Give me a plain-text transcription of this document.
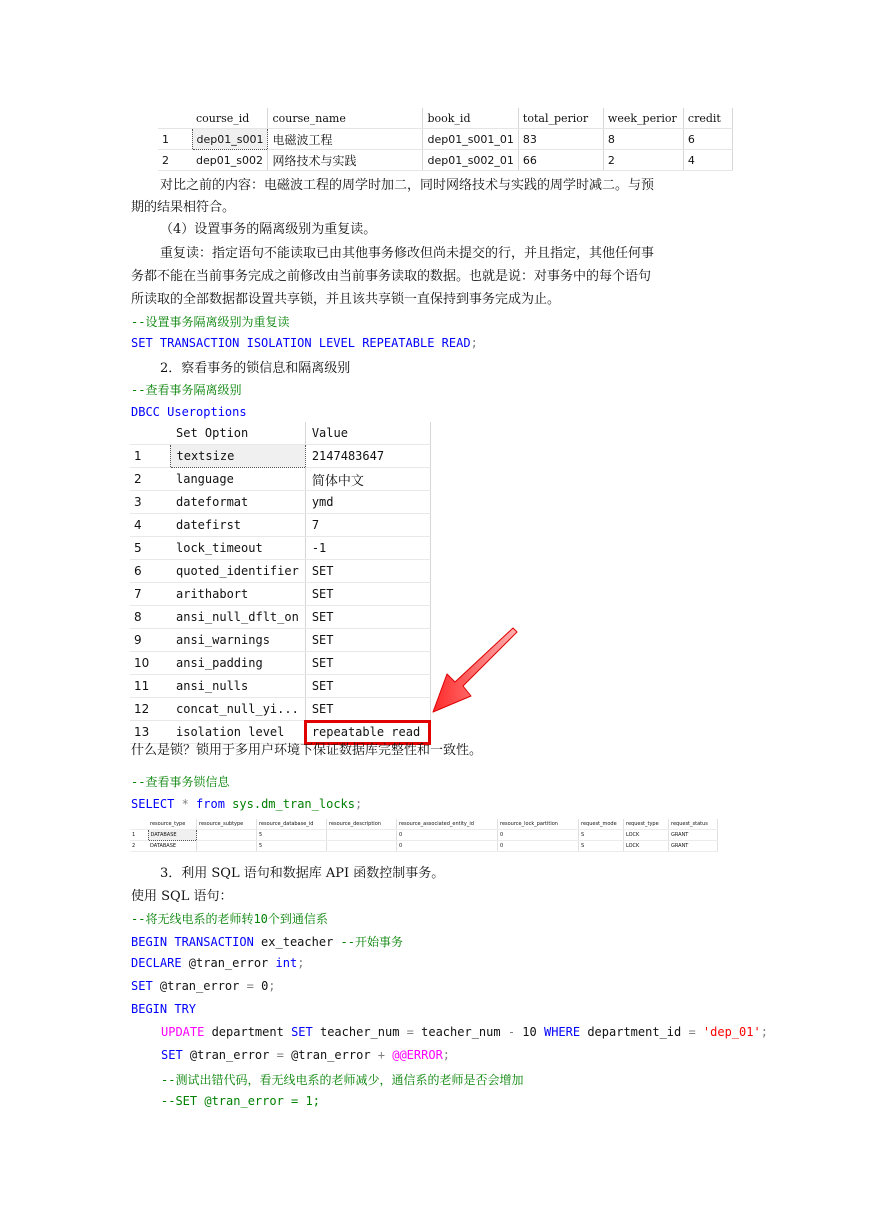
	course_id	course_name	book_id	total_perior	week_perior	credit
1	dep01_s001	电磁波工程	dep01_s001_01	83	8	6
2	dep01_s002	网络技术与实践	dep01_s002_01	66	2	4
对比之前的内容：电磁波工程的周学时加二，同时网络技术与实践的周学时减二。与预
期的结果相符合。
（4）设置事务的隔离级别为重复读。
重复读：指定语句不能读取已由其他事务修改但尚未提交的行，并且指定，其他任何事
务都不能在当前事务完成之前修改由当前事务读取的数据。也就是说：对事务中的每个语句
所读取的全部数据都设置共享锁，并且该共享锁一直保持到事务完成为止。
--设置事务隔离级别为重复读
SET TRANSACTION ISOLATION LEVEL REPEATABLE READ;
2．察看事务的锁信息和隔离级别
--查看事务隔离级别
DBCC Useroptions
	Set Option	Value
1	textsize	2147483647
2	language	简体中文
3	dateformat	ymd
4	datefirst	7
5	lock_timeout	-1
6	quoted_identifier	SET
7	arithabort	SET
8	ansi_null_dflt_on	SET
9	ansi_warnings	SET
10	ansi_padding	SET
11	ansi_nulls	SET
12	concat_null_yi...	SET
13	isolation level	repeatable read
什么是锁？锁用于多用户环境下保证数据库完整性和一致性。
--查看事务锁信息
SELECT * from sys.dm_tran_locks;
	resource_type	resource_subtype	resource_database_id	resource_description	resource_associated_entity_id	resource_lock_partition	request_mode	request_type	request_status
1	DATABASE		5		0	0	S	LOCK	GRANT
2	DATABASE		5		0	0	S	LOCK	GRANT
3．利用 SQL 语句和数据库 API 函数控制事务。
使用 SQL 语句：
--将无线电系的老师转10个到通信系
BEGIN TRANSACTION ex_teacher --开始事务
DECLARE @tran_error int;
SET @tran_error = 0;
BEGIN TRY
UPDATE department SET teacher_num = teacher_num - 10 WHERE department_id = 'dep_01';
SET @tran_error = @tran_error + @@ERROR;
--测试出错代码，看无线电系的老师减少，通信系的老师是否会增加
--SET @tran_error = 1;
